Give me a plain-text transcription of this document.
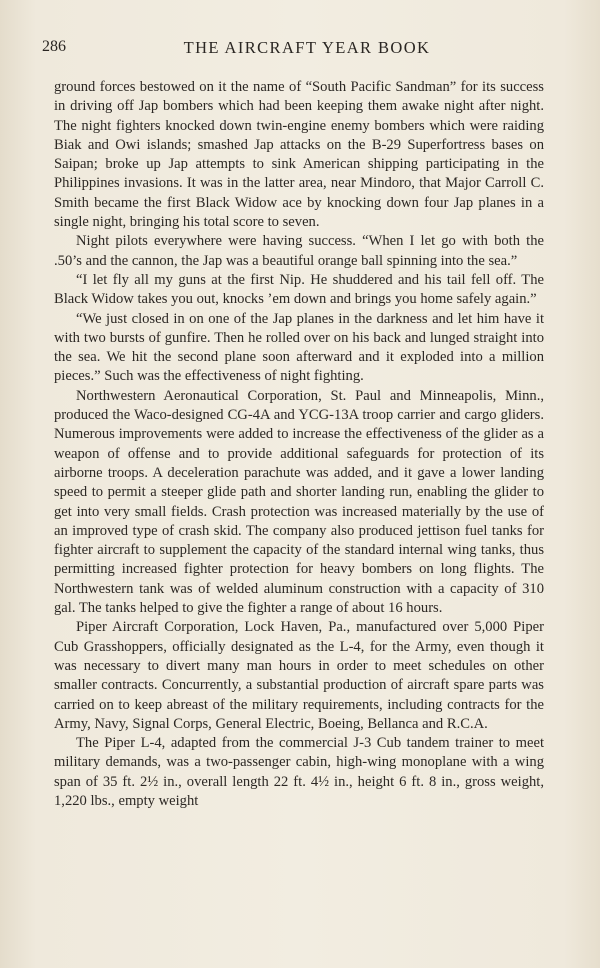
286	THE AIRCRAFT YEAR BOOK

ground forces bestowed on it the name of “South Pacific Sandman” for its success in driving off Jap bombers which had been keeping them awake night after night. The night fighters knocked down twin-engine enemy bombers which were raiding Biak and Owi islands; smashed Jap attacks on the B-29 Superfortress bases on Saipan; broke up Jap attempts to sink American shipping participating in the Philippines invasions. It was in the latter area, near Mindoro, that Major Carroll C. Smith became the first Black Widow ace by knocking down four Jap planes in a single night, bringing his total score to seven.

Night pilots everywhere were having success. “When I let go with both the .50’s and the cannon, the Jap was a beautiful orange ball spinning into the sea.”

“I let fly all my guns at the first Nip. He shuddered and his tail fell off. The Black Widow takes you out, knocks ’em down and brings you home safely again.”

“We just closed in on one of the Jap planes in the darkness and let him have it with two bursts of gunfire. Then he rolled over on his back and lunged straight into the sea. We hit the second plane soon afterward and it exploded into a million pieces.” Such was the effectiveness of night fighting.

Northwestern Aeronautical Corporation, St. Paul and Minneapolis, Minn., produced the Waco-designed CG-4A and YCG-13A troop carrier and cargo gliders. Numerous improvements were added to increase the effectiveness of the glider as a weapon of offense and to provide additional safeguards for protection of its airborne troops. A deceleration parachute was added, and it gave a lower landing speed to permit a steeper glide path and shorter landing run, enabling the glider to get into very small fields. Crash protection was increased materially by the use of an improved type of crash skid. The company also produced jettison fuel tanks for fighter aircraft to supplement the capacity of the standard internal wing tanks, thus permitting increased fighter protection for heavy bombers on long flights. The Northwestern tank was of welded aluminum construction with a capacity of 310 gal. The tanks helped to give the fighter a range of about 16 hours.

Piper Aircraft Corporation, Lock Haven, Pa., manufactured over 5,000 Piper Cub Grasshoppers, officially designated as the L-4, for the Army, even though it was necessary to divert many man hours in order to meet schedules on other smaller contracts. Concurrently, a substantial production of aircraft spare parts was carried on to keep abreast of the military requirements, including contracts for the Army, Navy, Signal Corps, General Electric, Boeing, Bellanca and R.C.A.

The Piper L-4, adapted from the commercial J-3 Cub tandem trainer to meet military demands, was a two-passenger cabin, high-wing monoplane with a wing span of 35 ft. 2½ in., overall length 22 ft. 4½ in., height 6 ft. 8 in., gross weight, 1,220 lbs., empty weight
